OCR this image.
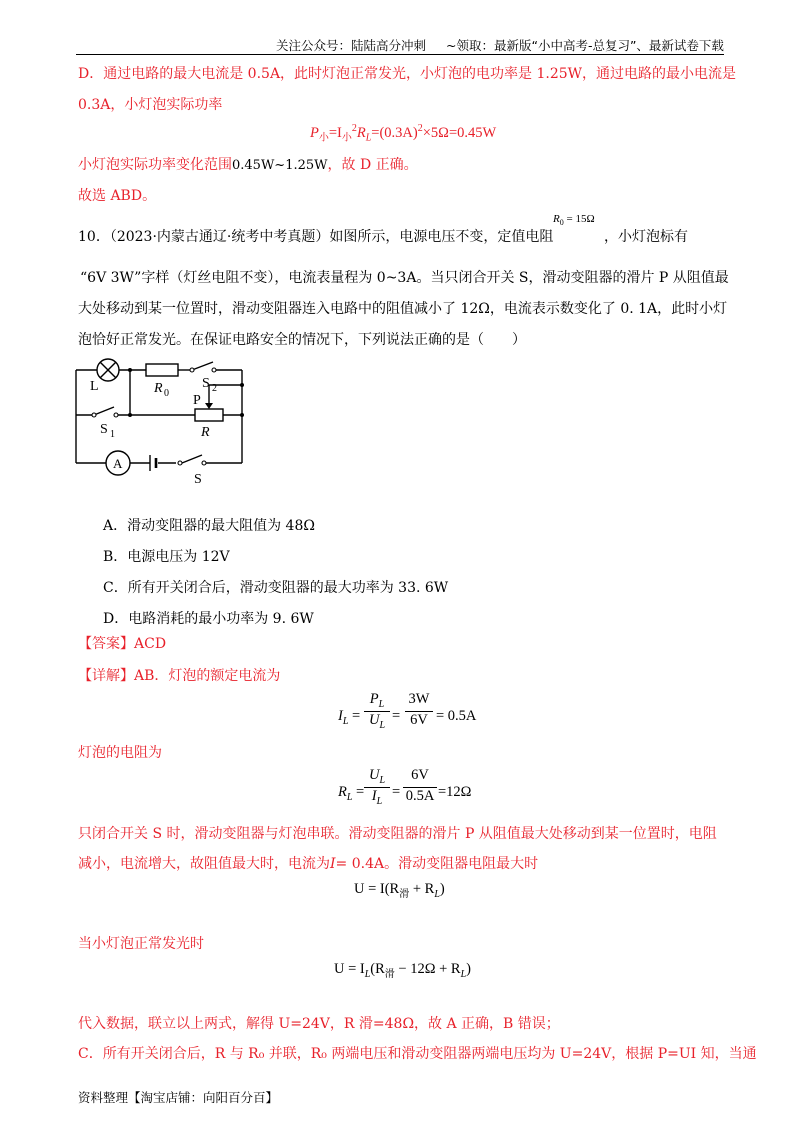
关注公众号：陆陆高分冲刺 ~领取：最新版“小中高考-总复习”、最新试卷下载
D．通过电路的最大电流是 0.5A，此时灯泡正常发光，小灯泡的电功率是 1.25W，通过电路的最小电流是
0.3A，小灯泡实际功率
$P_小=I_小^2R_L=(0.3A)^2\times 5\Omega=0.45W$
小灯泡实际功率变化范围0.45W~1.25W，故 D 正确。
故选 ABD。
10．（2023·内蒙古通辽·统考中考真题）如图所示，电源电压不变，定值电阻
$R_0 = 15\Omega$
，小灯泡标有
“6V 3W”字样（灯丝电阻不变），电流表量程为 0~3A。当只闭合开关 S，滑动变阻器的滑片 P 从阻值最
大处移动到某一位置时，滑动变阻器连入电路中的阻值减小了 12Ω，电流表示数变化了 0. 1A，此时小灯
泡恰好正常发光。在保证电路安全的情况下，下列说法正确的是（　　）
L	R 0
S 2
P
R
S 1
A
S
A．滑动变阻器的最大阻值为 48Ω
B．电源电压为 12V
C．所有开关闭合后，滑动变阻器的最大功率为 33. 6W
D．电路消耗的最小功率为 9. 6W
【答案】ACD
【详解】AB．灯泡的额定电流为
$I_L$ =
$P_L$
$U_L$
=
3W
6V = 0.5A
灯泡的电阻为
$R_L$ =
$U_L$
$I_L$
=
6V
0.5A =12Ω
只闭合开关 S 时，滑动变阻器与灯泡串联。滑动变阻器的滑片 P 从阻值最大处移动到某一位置时，电阻
减小，电流增大，故阻值最大时，电流为I= 0.4A。滑动变阻器电阻最大时
$U = I(R_滑 + R_L)$
当小灯泡正常发光时
$U = I_L(R_滑 - 12\Omega + R_L)$
代入数据，联立以上两式，解得 U=24V，R 滑=48Ω，故 A 正确，B 错误；
C．所有开关闭合后，R 与 R₀ 并联，R₀ 两端电压和滑动变阻器两端电压均为 U=24V，根据 P=UI 知，当通
资料整理【淘宝店铺：向阳百分百】
